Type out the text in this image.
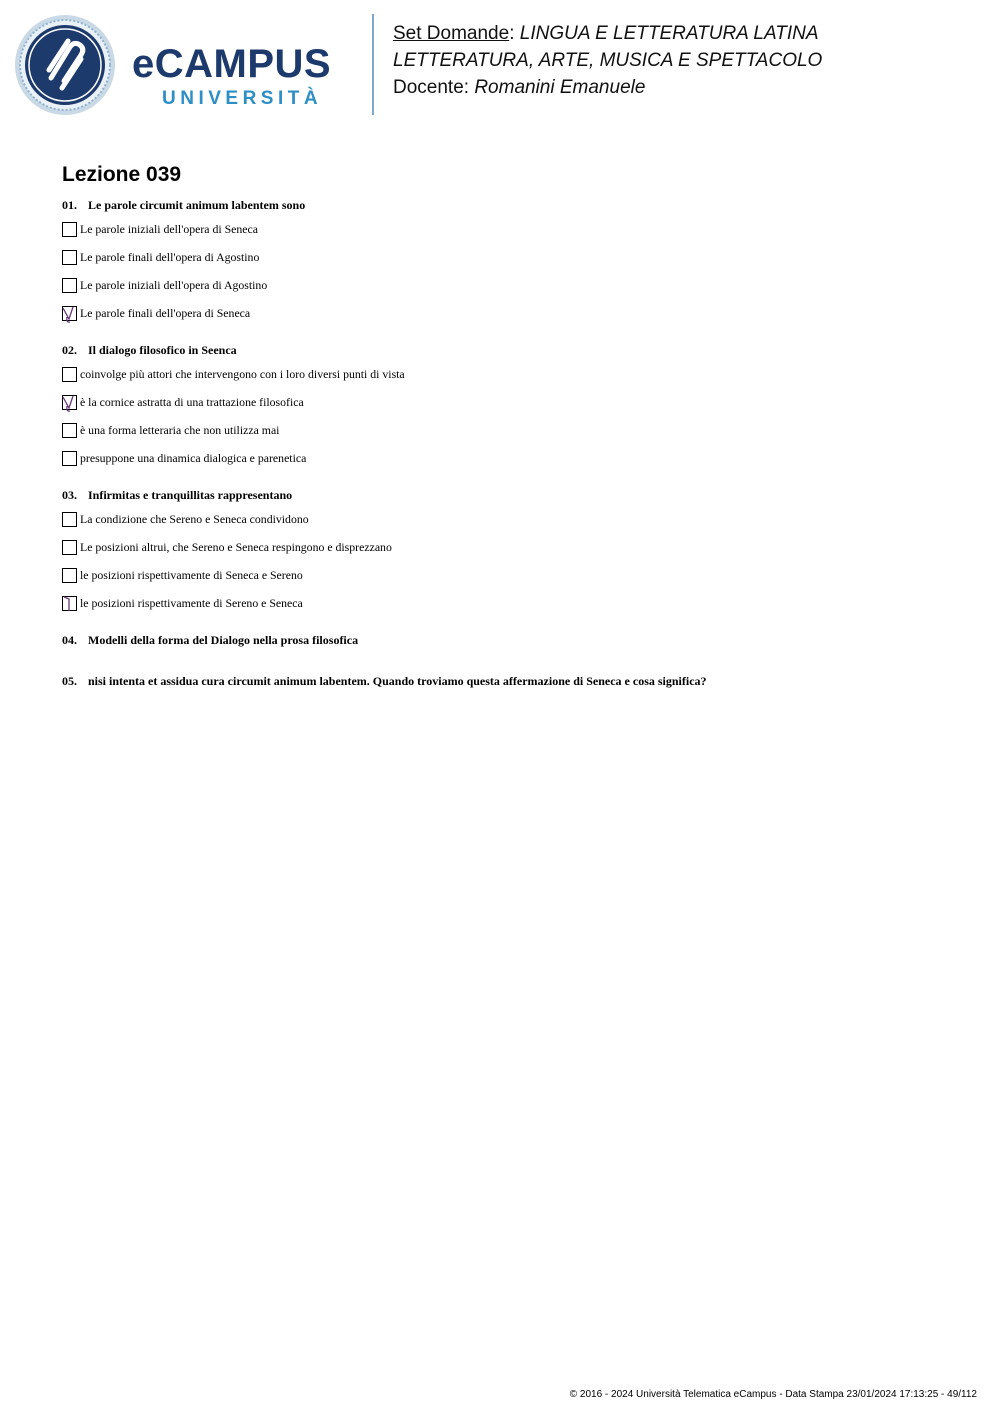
eCAMPUS
UNIVERSITÀ
Set Domande: LINGUA E LETTERATURA LATINA
LETTERATURA, ARTE, MUSICA E SPETTACOLO
Docente: Romanini Emanuele
Lezione 039
01. Le parole circumit animum labentem sono
Le parole iniziali dell'opera di Seneca
Le parole finali dell'opera di Agostino
Le parole iniziali dell'opera di Agostino
Le parole finali dell'opera di Seneca
02. Il dialogo filosofico in Seenca
coinvolge più attori che intervengono con i loro diversi punti di vista
è la cornice astratta di una trattazione filosofica
è una forma letteraria che non utilizza mai
presuppone una dinamica dialogica e parenetica
03. Infirmitas e tranquillitas rappresentano
La condizione che Sereno e Seneca condividono
Le posizioni altrui, che Sereno e Seneca respingono e disprezzano
le posizioni rispettivamente di Seneca e Sereno
le posizioni rispettivamente di Sereno e Seneca
04. Modelli della forma del Dialogo nella prosa filosofica
05. nisi intenta et assidua cura circumit animum labentem. Quando troviamo questa affermazione di Seneca e cosa significa?
© 2016 - 2024 Università Telematica eCampus - Data Stampa 23/01/2024 17:13:25 - 49/112
